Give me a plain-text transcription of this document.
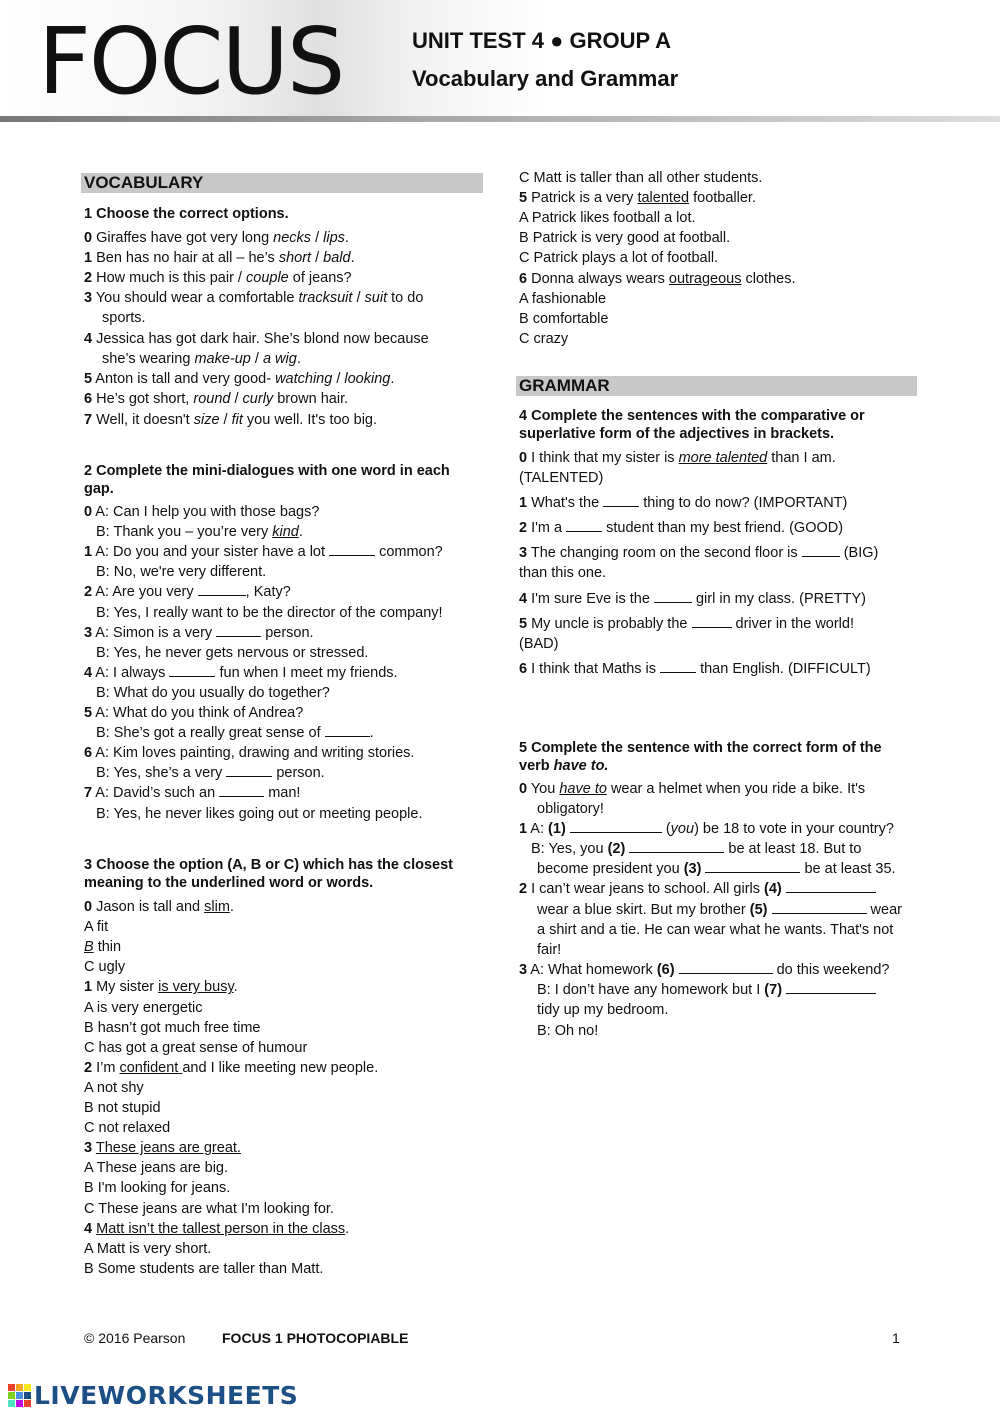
FOCUS	UNIT TEST 4 ● GROUP A
Vocabulary and Grammar
VOCABULARY
1 Choose the correct options.
0 Giraffes have got very long necks / lips.
1 Ben has no hair at all – he’s short / bald.
2 How much is this pair / couple of jeans?
3 You should wear a comfortable tracksuit / suit to do
sports.
4 Jessica has got dark hair. She’s blond now because
she’s wearing make-up / a wig.
5 Anton is tall and very good- watching / looking.
6 He’s got short, round / curly brown hair.
7 Well, it doesn't size / fit you well. It's too big.
2 Complete the mini-dialogues with one word in each
gap.
0 A: Can I help you with those bags?
B: Thank you – you’re very kind.
1 A: Do you and your sister have a lot	common?
B: No, we're very different.
2 A: Are you very	, Katy?
B: Yes, I really want to be the director of the company!
3 A: Simon is a very	person.
B: Yes, he never gets nervous or stressed.
4 A: I always	fun when I meet my friends.
B: What do you usually do together?
5 A: What do you think of Andrea?
B: She’s got a really great sense of	.
6 A: Kim loves painting, drawing and writing stories.
B: Yes, she’s a very	person.
7 A: David’s such an	man!
B: Yes, he never likes going out or meeting people.
3 Choose the option (A, B or C) which has the closest
meaning to the underlined word or words.
0 Jason is tall and slim.
A fit
B thin
C ugly
1 My sister is very busy.
A is very energetic
B hasn’t got much free time
C has got a great sense of humour
2 I’m confident and I like meeting new people.
A not shy
B not stupid
C not relaxed
3 These jeans are great.
A These jeans are big.
B I'm looking for jeans.
C These jeans are what I'm looking for.
4 Matt isn’t the tallest person in the class.
A Matt is very short.
B Some students are taller than Matt.
C Matt is taller than all other students.
5 Patrick is a very talented footballer.
A Patrick likes football a lot.
B Patrick is very good at football.
C Patrick plays a lot of football.
6 Donna always wears outrageous clothes.
A fashionable
B comfortable
C crazy
GRAMMAR
4 Complete the sentences with the comparative or
superlative form of the adjectives in brackets.
0 I think that my sister is more talented than I am.
(TALENTED)
1 What's the  thing to do now? (IMPORTANT)
2 I'm a  student than my best friend. (GOOD)
3 The changing room on the second floor is	(BIG)
than this one.
4 I'm sure Eve is the	girl in my class. (PRETTY)
5 My uncle is probably the	driver in the world!
(BAD)
6 I think that Maths is  than English. (DIFFICULT)
5 Complete the sentence with the correct form of the
verb have to.
0 You have to wear a helmet when you ride a bike. It's
obligatory!
1 A: (1)	(you) be 18 to vote in your country?
B: Yes, you (2)	be at least 18. But to
become president you (3)	be at least 35.
2 I can’t wear jeans to school. All girls (4)
wear a blue skirt. But my brother (5)	wear
a shirt and a tie. He can wear what he wants. That's not
fair!
3 A: What homework (6)	do this weekend?
B: I don’t have any homework but I (7)
tidy up my bedroom.
B: Oh no!
© 2016 Pearson	FOCUS 1 PHOTOCOPIABLE	1
LIVEWORKSHEETS
